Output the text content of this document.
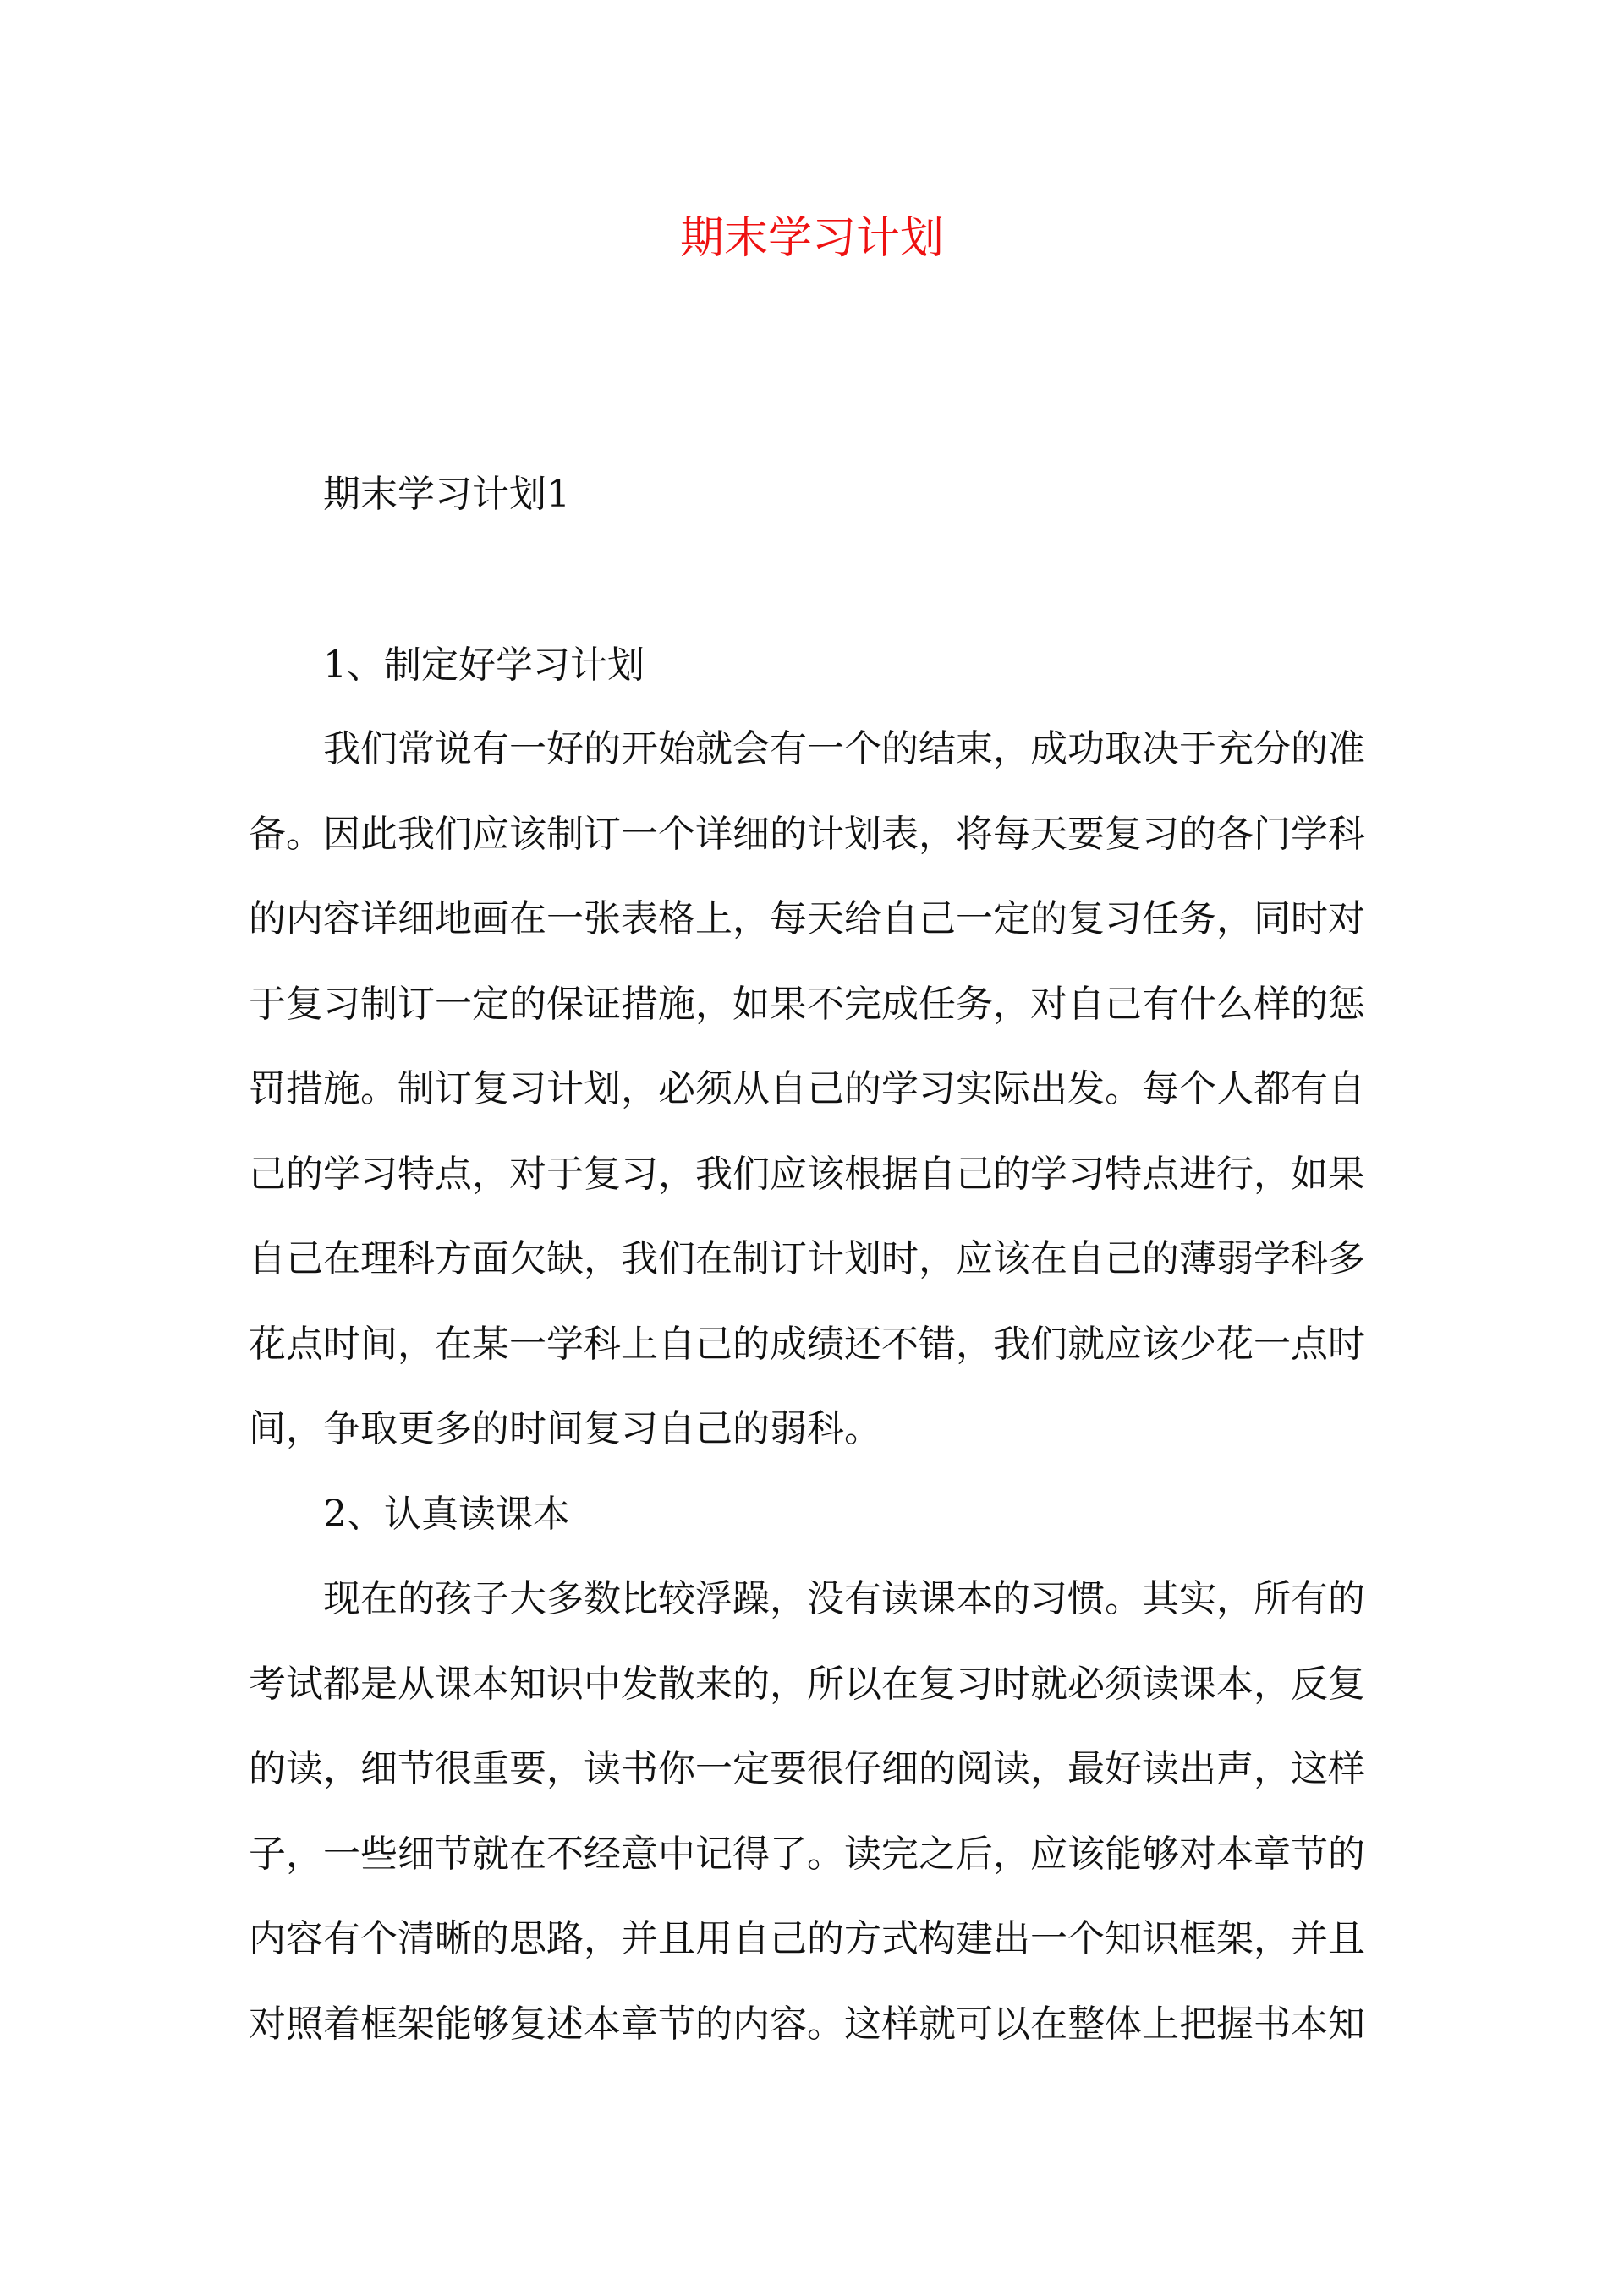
期末学习计划
期末学习计划1
1、制定好学习计划
我们常说有一好的开始就会有一个的结束，成功取决于充分的准
备。因此我们应该制订一个详细的计划表，将每天要复习的各门学科
的内容详细地画在一张表格上，每天给自己一定的复习任务，同时对
于复习制订一定的保证措施，如果不完成任务，对自己有什么样的惩
罚措施。制订复习计划，必须从自己的学习实际出发。每个人都有自
己的学习特点，对于复习，我们应该根据自己的学习特点进行，如果
自己在理科方面欠缺，我们在制订计划时，应该在自己的薄弱学科多
花点时间，在某一学科上自己的成绩还不错，我们就应该少花一点时
间，争取更多的时间复习自己的弱科。
2、认真读课本
现在的孩子大多数比较浮躁，没有读课本的习惯。其实，所有的
考试都是从课本知识中发散来的，所以在复习时就必须读课本，反复
的读，细节很重要，读书你一定要很仔细的阅读，最好读出声，这样
子，一些细节就在不经意中记得了。读完之后，应该能够对本章节的
内容有个清晰的思路，并且用自己的方式构建出一个知识框架，并且
对照着框架能够复述本章节的内容。这样就可以在整体上把握书本知
